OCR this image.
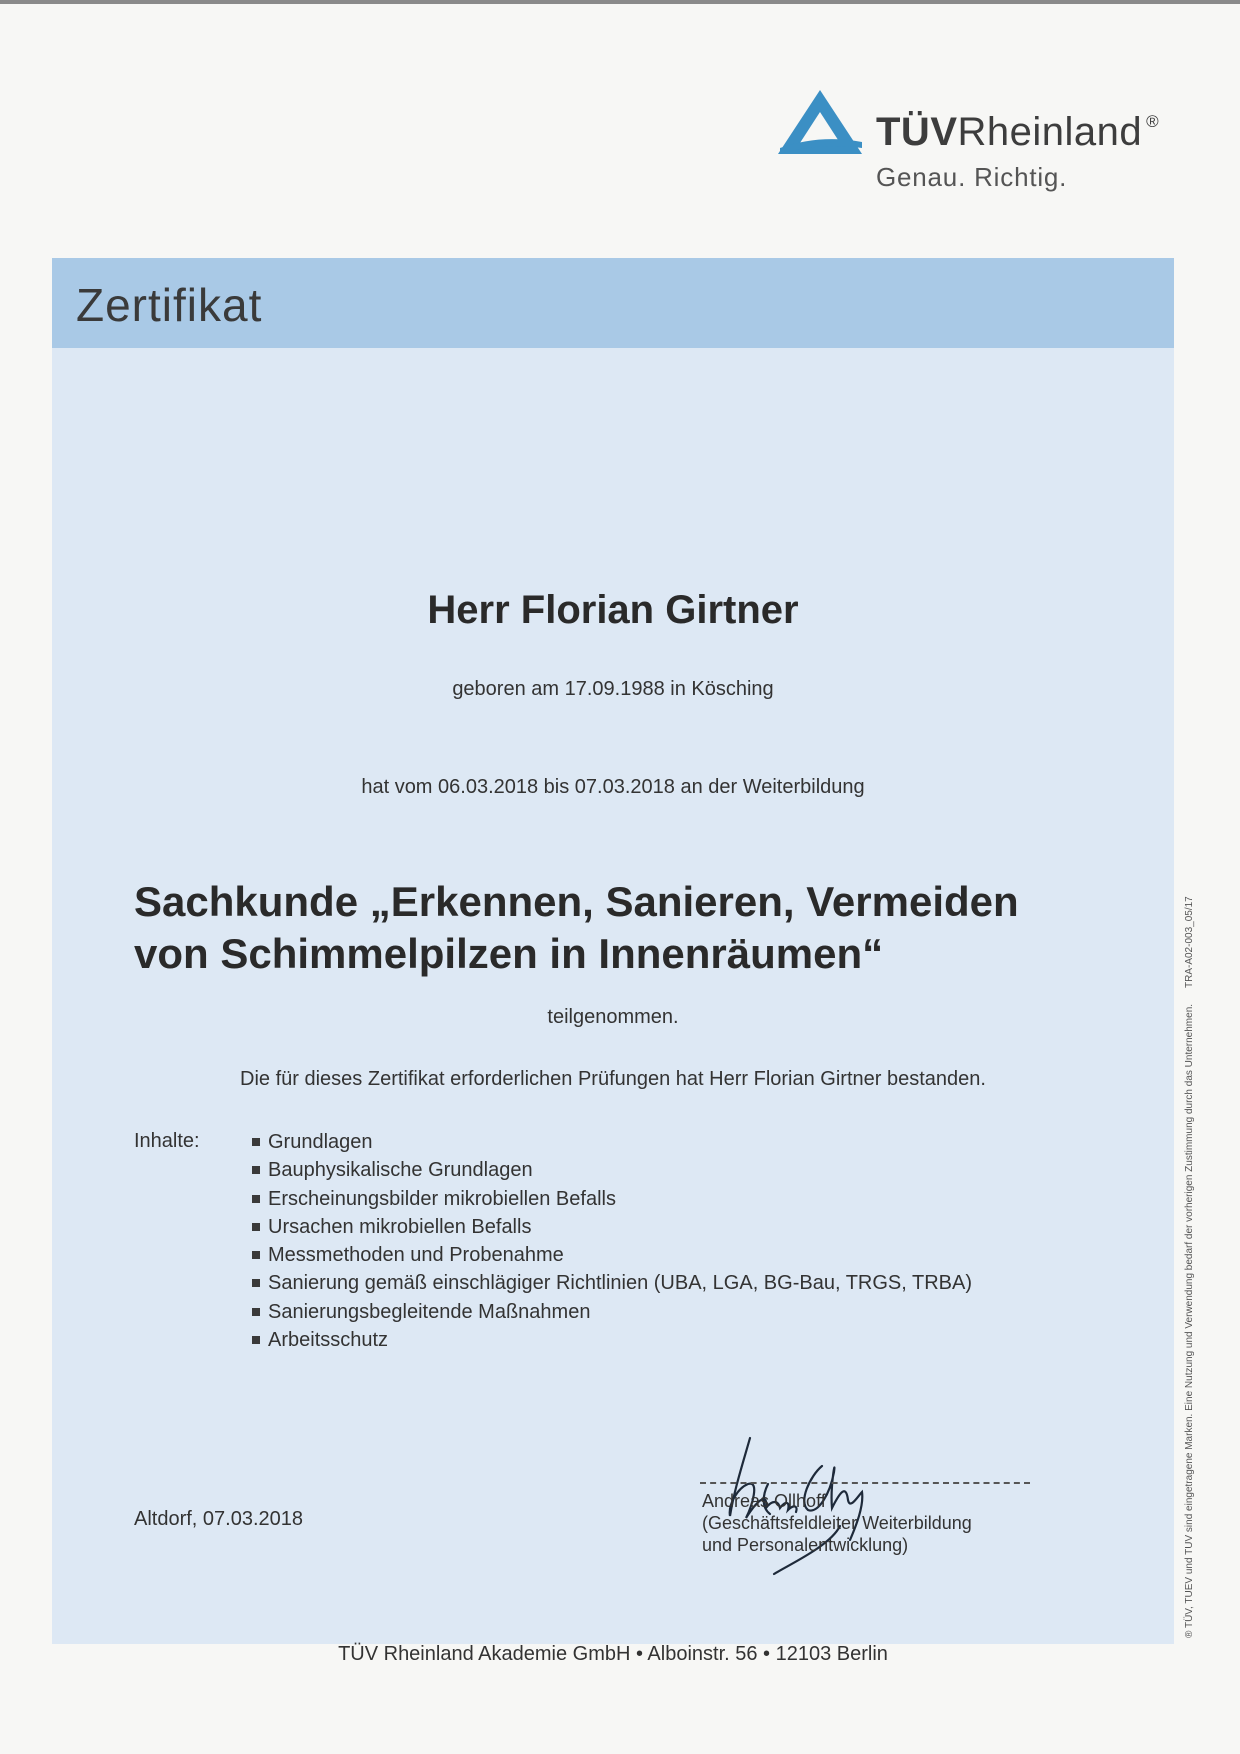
TÜVRheinland ®
Genau. Richtig.
Zertifikat
Herr Florian Girtner
geboren am 17.09.1988 in Kösching
hat vom 06.03.2018 bis 07.03.2018 an der Weiterbildung
Sachkunde „Erkennen, Sanieren, Vermeiden
von Schimmelpilzen in Innenräumen“
teilgenommen.
Die für dieses Zertifikat erforderlichen Prüfungen hat Herr Florian Girtner bestanden.
Inhalte:	Grundlagen
Bauphysikalische Grundlagen
Erscheinungsbilder mikrobiellen Befalls
Ursachen mikrobiellen Befalls
Messmethoden und Probenahme
Sanierung gemäß einschlägiger Richtlinien (UBA, LGA, BG-Bau, TRGS, TRBA)
Sanierungsbegleitende Maßnahmen
Arbeitsschutz
Altdorf, 07.03.2018
Andreas Ollhoff
(Geschäftsfeldleiter Weiterbildung
und Personalentwicklung)
TÜV Rheinland Akademie GmbH • Alboinstr. 56 • 12103 Berlin
® TÜV, TUEV und TUV sind eingetragene Marken. Eine Nutzung und Verwendung bedarf der vorherigen Zustimmung durch das Unternehmen.TRA-A02-003_05/17
